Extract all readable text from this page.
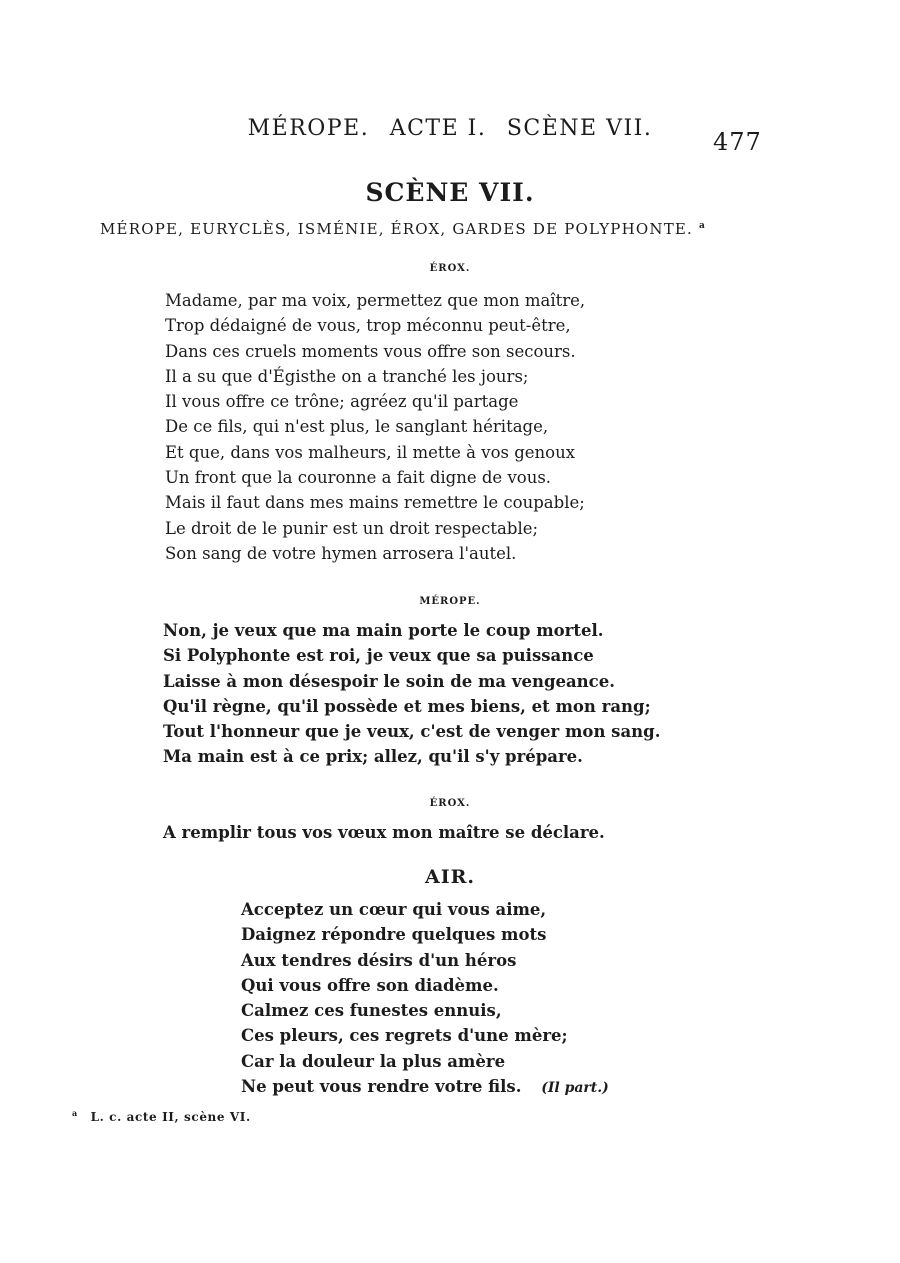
MÉROPE. ACTE I. SCÈNE VII.	477
SCÈNE VII.
MÉROPE, EURYCLÈS, ISMÉNIE, ÉROX, GARDES DE POLYPHONTE. $^a$
ÉROX.
Madame, par ma voix, permettez que mon maître,
Trop dédaigné de vous, trop méconnu peut-être,
Dans ces cruels moments vous offre son secours.
Il a su que d'Égisthe on a tranché les jours;
Il vous offre ce trône; agréez qu'il partage
De ce fils, qui n'est plus, le sanglant héritage,
Et que, dans vos malheurs, il mette à vos genoux
Un front que la couronne a fait digne de vous.
Mais il faut dans mes mains remettre le coupable;
Le droit de le punir est un droit respectable;
Son sang de votre hymen arrosera l'autel.
MÉROPE.
Non, je veux que ma main porte le coup mortel.
Si Polyphonte est roi, je veux que sa puissance
Laisse à mon désespoir le soin de ma vengeance.
Qu'il règne, qu'il possède et mes biens, et mon rang;
Tout l'honneur que je veux, c'est de venger mon sang.
Ma main est à ce prix; allez, qu'il s'y prépare.
ÉROX.
A remplir tous vos vœux mon maître se déclare.
AIR.
Acceptez un cœur qui vous aime,
Daignez répondre quelques mots
Aux tendres désirs d'un héros
Qui vous offre son diadème.
Calmez ces funestes ennuis,
Ces pleurs, ces regrets d'une mère;
Car la douleur la plus amère
Ne peut vous rendre votre fils. (Il part.)
$^a$ L. c. acte II, scène VI.
